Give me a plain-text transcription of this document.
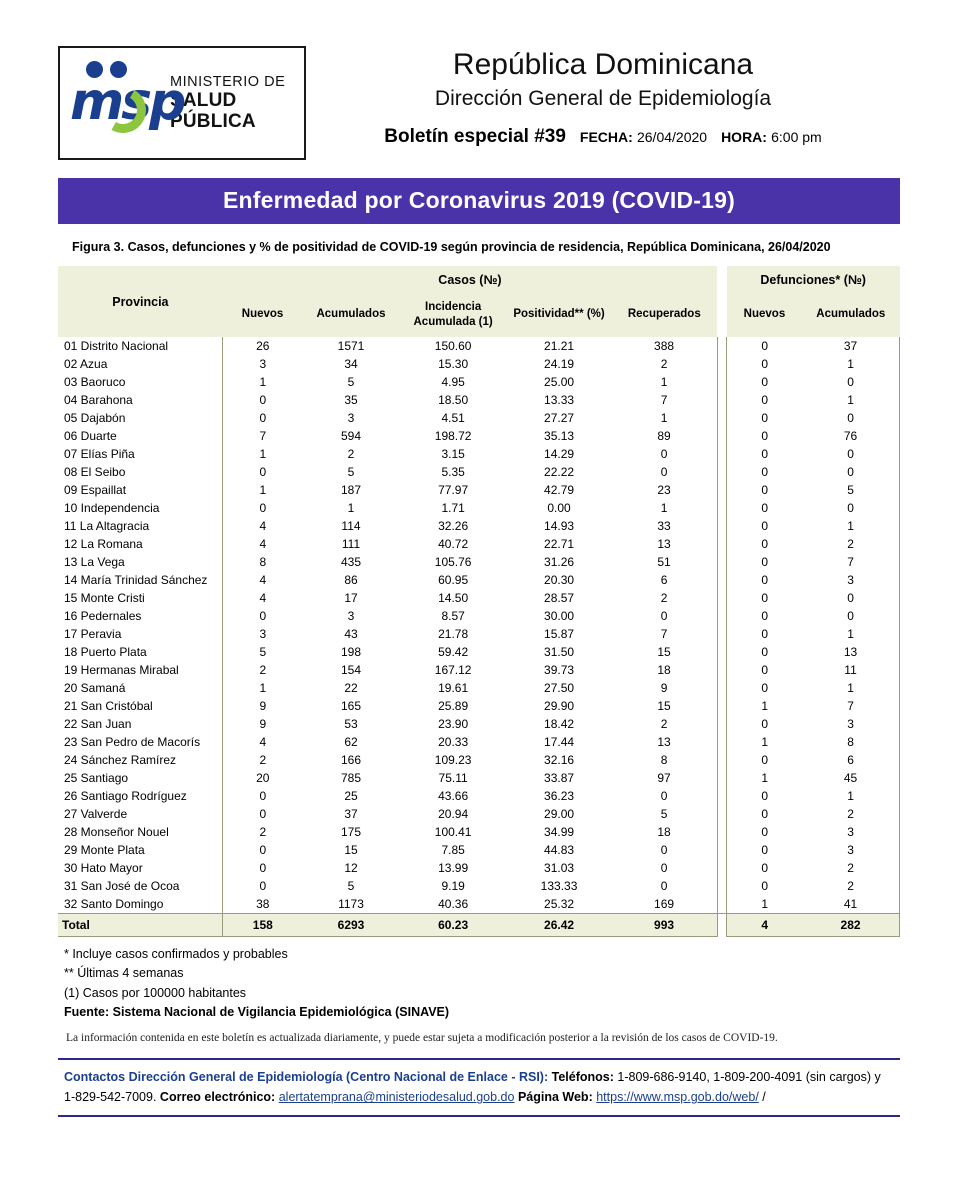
msp
MINISTERIO DE
SALUD PÚBLICA
República Dominicana
Dirección General de Epidemiología
Boletín especial #39 FECHA: 26/04/2020 HORA: 6:00 pm
Enfermedad por Coronavirus 2019 (COVID-19)
Figura 3. Casos, defunciones y % de positividad de COVID-19 según provincia de residencia, República Dominicana, 26/04/2020
Provincia	Casos (№)						Defunciones* (№)	
	Nuevos	Acumulados	Incidencia Acumulada (1)	Positividad** (%)	Recuperados		Nuevos	Acumulados
01 Distrito Nacional	26	1571	150.60	21.21	388		0	37
02 Azua	3	34	15.30	24.19	2		0	1
03 Baoruco	1	5	4.95	25.00	1		0	0
04 Barahona	0	35	18.50	13.33	7		0	1
05 Dajabón	0	3	4.51	27.27	1		0	0
06 Duarte	7	594	198.72	35.13	89		0	76
07 Elías Piña	1	2	3.15	14.29	0		0	0
08 El Seibo	0	5	5.35	22.22	0		0	0
09 Espaillat	1	187	77.97	42.79	23		0	5
10 Independencia	0	1	1.71	0.00	1		0	0
11 La Altagracia	4	114	32.26	14.93	33		0	1
12 La Romana	4	111	40.72	22.71	13		0	2
13 La Vega	8	435	105.76	31.26	51		0	7
14 María Trinidad Sánchez	4	86	60.95	20.30	6		0	3
15 Monte Cristi	4	17	14.50	28.57	2		0	0
16 Pedernales	0	3	8.57	30.00	0		0	0
17 Peravia	3	43	21.78	15.87	7		0	1
18 Puerto Plata	5	198	59.42	31.50	15		0	13
19 Hermanas Mirabal	2	154	167.12	39.73	18		0	11
20 Samaná	1	22	19.61	27.50	9		0	1
21 San Cristóbal	9	165	25.89	29.90	15		1	7
22 San Juan	9	53	23.90	18.42	2		0	3
23 San Pedro de Macorís	4	62	20.33	17.44	13		1	8
24 Sánchez Ramírez	2	166	109.23	32.16	8		0	6
25 Santiago	20	785	75.11	33.87	97		1	45
26 Santiago Rodríguez	0	25	43.66	36.23	0		0	1
27 Valverde	0	37	20.94	29.00	5		0	2
28 Monseñor Nouel	2	175	100.41	34.99	18		0	3
29 Monte Plata	0	15	7.85	44.83	0		0	3
30 Hato Mayor	0	12	13.99	31.03	0		0	2
31 San José de Ocoa	0	5	9.19	133.33	0		0	2
32 Santo Domingo	38	1173	40.36	25.32	169		1	41
Total	158	6293	60.23	26.42	993		4	282
* Incluye casos confirmados y probables
** Últimas 4 semanas
(1) Casos por 100000 habitantes
Fuente: Sistema Nacional de Vigilancia Epidemiológica (SINAVE)
La información contenida en este boletín es actualizada diariamente, y puede estar sujeta a modificación posterior a la revisión de los casos de COVID-19.
Contactos Dirección General de Epidemiología (Centro Nacional de Enlace - RSI): Teléfonos: 1-809-686-9140, 1-809-200-4091 (sin cargos) y 1-829-542-7009. Correo electrónico: alertatemprana@ministeriodesalud.gob.do Página Web: https://www.msp.gob.do/web/ /
